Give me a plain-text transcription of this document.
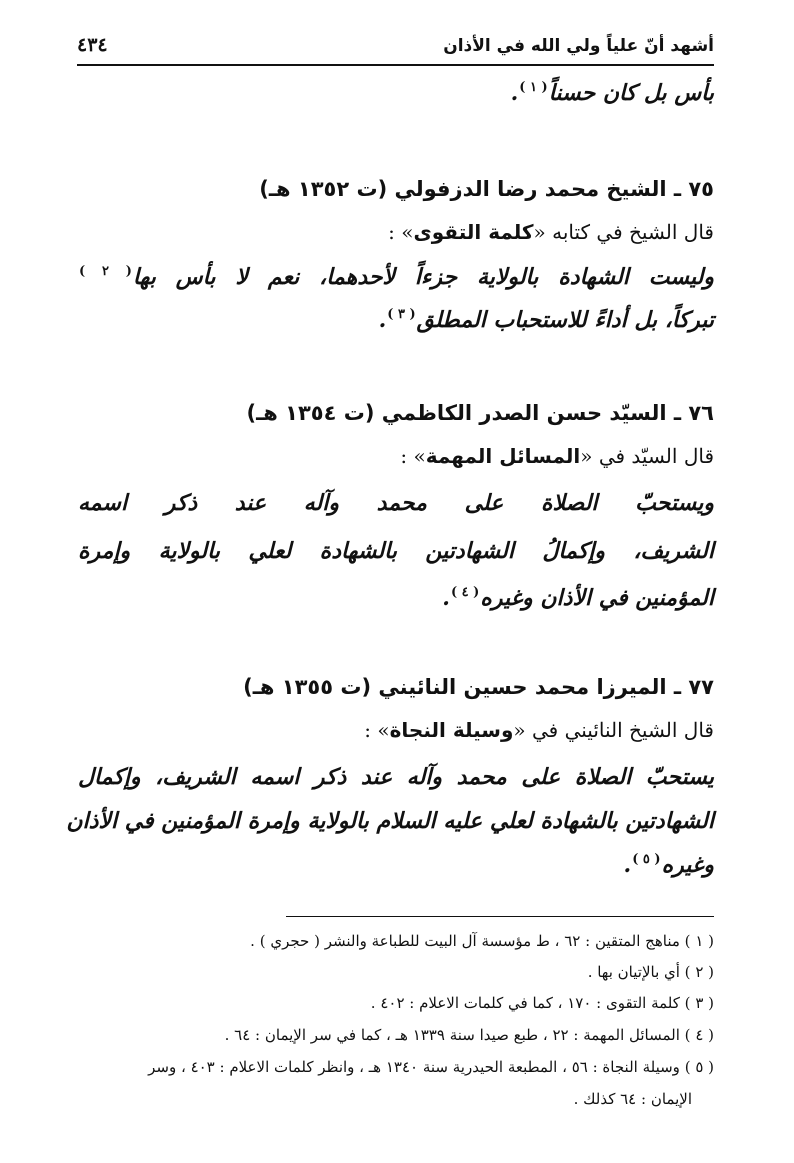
أشهد أنّ علياً ولي الله في الأذان
٤٣٤
بأس بل كان حسناً$^{( ١ )}$.
٧٥ ـ الشيخ محمد رضا الدزفولي (ت ١٣٥٢ هـ)
قال الشيخ في كتابه «كلمة التقوى» :
وليست الشهادة بالولاية جزءاً لأحدهما، نعم لا بأس بها$^{( ٢ )}$
تبركاً، بل أداءً للاستحباب المطلق$^{( ٣ )}$.
٧٦ ـ السيّد حسن الصدر الكاظمي (ت ١٣٥٤ هـ)
قال السيّد في «المسائل المهمة» :
ويستحبّ الصلاة على محمد وآله عند ذكر اسمه
الشريف، وإكمالُ الشهادتين بالشهادة لعلي بالولاية وإمرة
المؤمنين في الأذان وغيره$^{( ٤ )}$.
٧٧ ـ الميرزا محمد حسين النائيني (ت ١٣٥٥ هـ)
قال الشيخ النائيني في «وسيلة النجاة» :
يستحبّ الصلاة على محمد وآله عند ذكر اسمه الشريف، وإكمال
الشهادتين بالشهادة لعلي عليه السلام بالولاية وإمرة المؤمنين في الأذان
وغيره$^{( ٥ )}$.
( ١ ) مناهج المتقين : ٦٢ ، ط مؤسسة آل البيت للطباعة والنشر ( حجري ) .
( ٢ ) أي بالإتيان بها .
( ٣ ) كلمة التقوى : ١٧٠ ، كما في كلمات الاعلام : ٤٠٢ .
( ٤ ) المسائل المهمة : ٢٢ ، طبع صيدا سنة ١٣٣٩ هـ ، كما في سر الإيمان : ٦٤ .
( ٥ ) وسيلة النجاة : ٥٦ ، المطبعة الحيدرية سنة ١٣٤٠ هـ ، وانظر كلمات الاعلام : ٤٠٣ ، وسر
الإيمان : ٦٤ كذلك .
